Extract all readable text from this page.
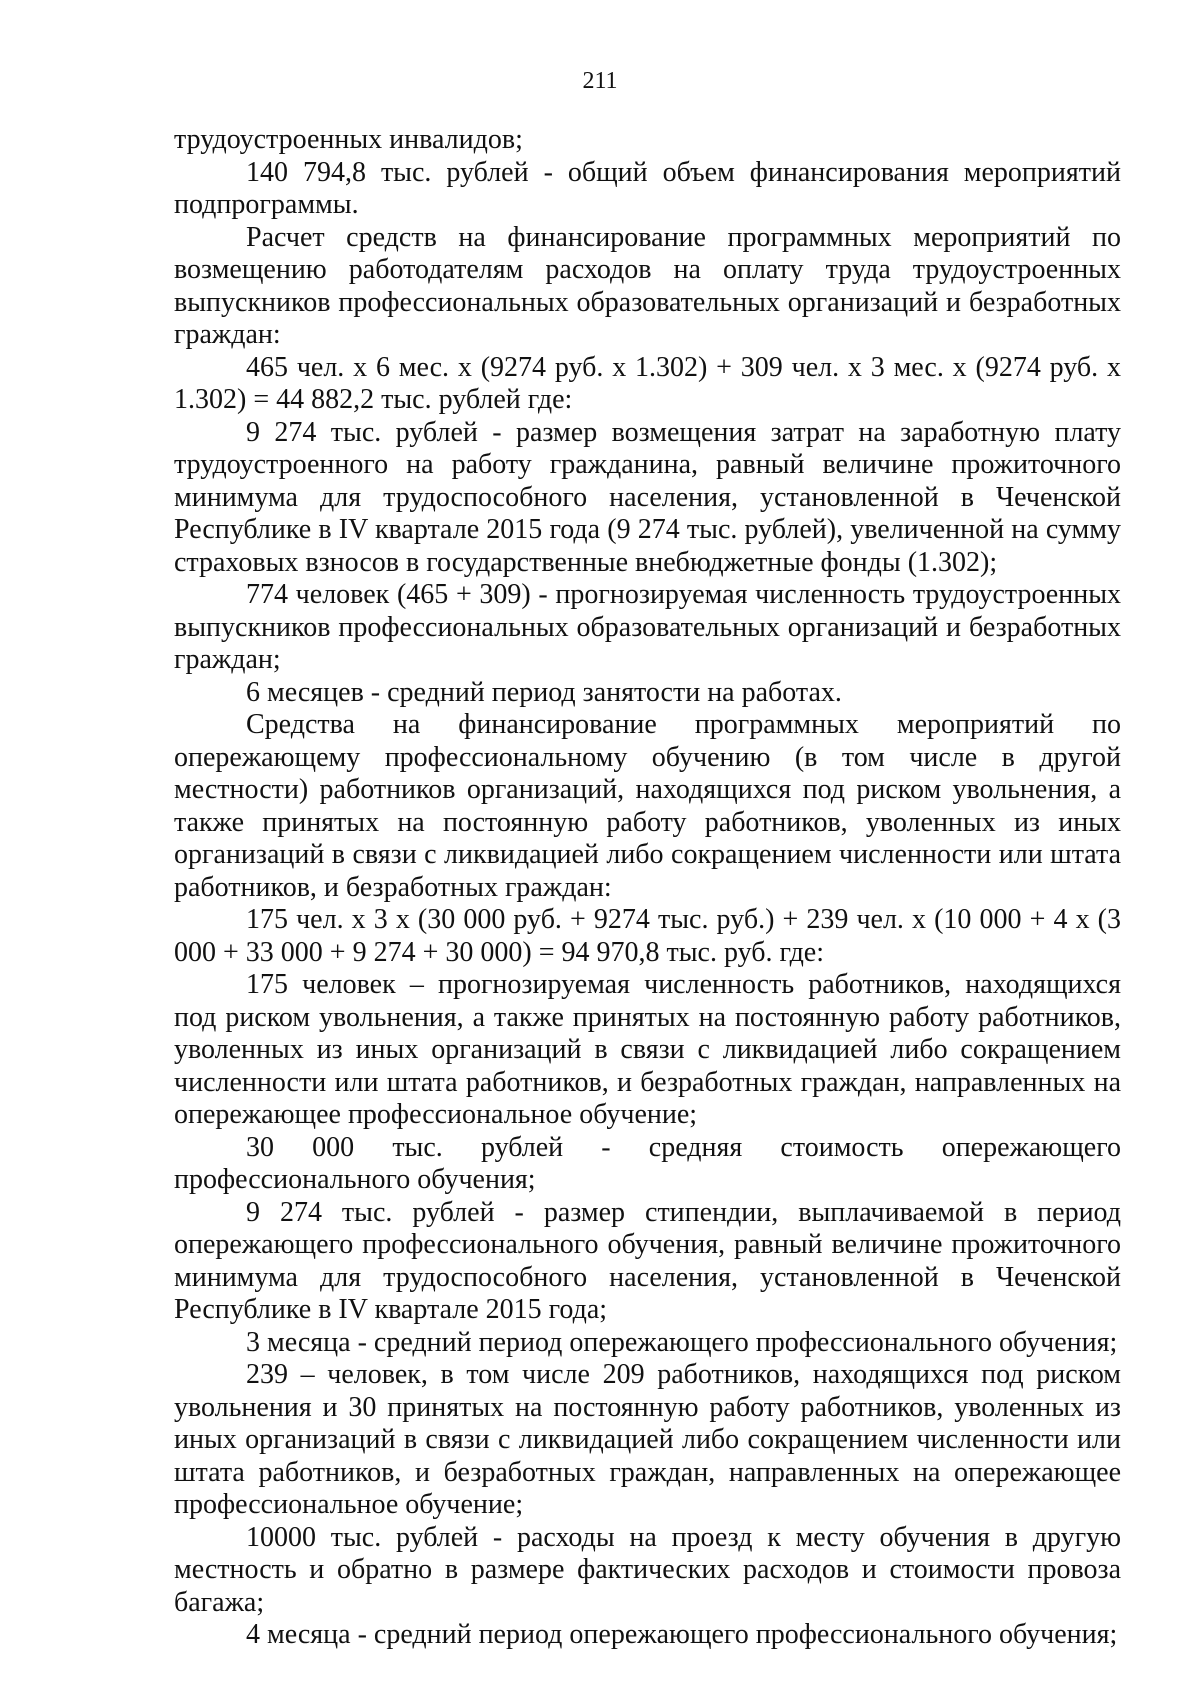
211

трудоустроенных инвалидов;

140 794,8 тыс. рублей - общий объем финансирования мероприятий подпрограммы.

Расчет средств на финансирование программных мероприятий по возмещению работодателям расходов на оплату труда трудоустроенных выпускников профессиональных образовательных организаций и безработных граждан:

465 чел. х 6 мес. х (9274 руб. х 1.302) + 309 чел. х 3 мес. х (9274 руб. х 1.302) = 44 882,2 тыс. рублей где:

9 274 тыс. рублей - размер возмещения затрат на заработную плату трудоустроенного на работу гражданина, равный величине прожиточного минимума для трудоспособного населения, установленной в Чеченской Республике в IV квартале 2015 года (9 274 тыс. рублей), увеличенной на сумму страховых взносов в государственные внебюджетные фонды (1.302);

774 человек (465 + 309) - прогнозируемая численность трудоустроенных выпускников профессиональных образовательных организаций и безработных граждан;

6 месяцев - средний период занятости на работах.

Средства на финансирование программных мероприятий по опережающему профессиональному обучению (в том числе в другой местности) работников организаций, находящихся под риском увольнения, а также принятых на постоянную работу работников, уволенных из иных организаций в связи с ликвидацией либо сокращением численности или штата работников, и безработных граждан:

175 чел. х 3 х (30 000 руб. + 9274 тыс. руб.) + 239 чел. х (10 000 + 4 х (3 000 + 33 000 + 9 274 + 30 000) = 94 970,8 тыс. руб. где:

175 человек – прогнозируемая численность работников, находящихся под риском увольнения, а также принятых на постоянную работу работников, уволенных из иных организаций в связи с ликвидацией либо сокращением численности или штата работников, и безработных граждан, направленных на опережающее профессиональное обучение;

30 000 тыс. рублей - средняя стоимость опережающего профессионального обучения;

9 274 тыс. рублей - размер стипендии, выплачиваемой в период опережающего профессионального обучения, равный величине прожиточного минимума для трудоспособного населения, установленной в Чеченской Республике в IV квартале 2015 года;

3 месяца - средний период опережающего профессионального обучения;

239 – человек, в том числе 209 работников, находящихся под риском увольнения и 30 принятых на постоянную работу работников, уволенных из иных организаций в связи с ликвидацией либо сокращением численности или штата работников, и безработных граждан, направленных на опережающее профессиональное обучение;

10000 тыс. рублей - расходы на проезд к месту обучения в другую местность и обратно в размере фактических расходов и стоимости провоза багажа;

4 месяца - средний период опережающего профессионального обучения;
